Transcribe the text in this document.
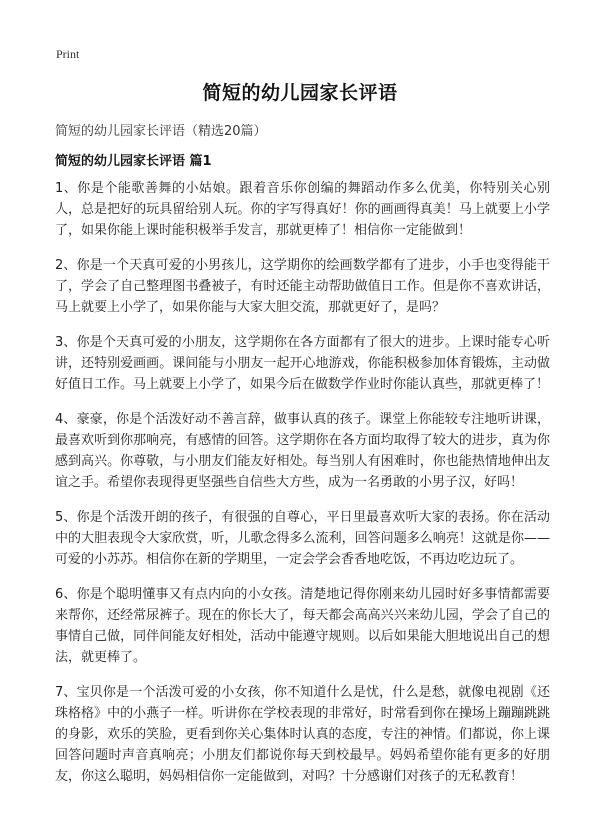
Print
简短的幼儿园家长评语
简短的幼儿园家长评语（精选20篇）
简短的幼儿园家长评语 篇1

1、你是个能歌善舞的小姑娘。跟着音乐你创编的舞蹈动作多么优美，你特别关心别人，总是把好的玩具留给别人玩。你的字写得真好！你的画画得真美！马上就要上小学了，如果你能上课时能积极举手发言，那就更棒了！相信你一定能做到！

2、你是一个天真可爱的小男孩儿，这学期你的绘画数学都有了进步，小手也变得能干了，学会了自己整理图书叠被子，有时还能主动帮助做值日工作。但是你不喜欢讲话，马上就要上小学了，如果你能与大家大胆交流，那就更好了，是吗？

3、你是个天真可爱的小朋友，这学期你在各方面都有了很大的进步。上课时能专心听讲，还特别爱画画。课间能与小朋友一起开心地游戏，你能积极参加体育锻炼，主动做好值日工作。马上就要上小学了，如果今后在做数学作业时你能认真些，那就更棒了！

4、豪豪，你是个活泼好动不善言辞，做事认真的孩子。课堂上你能较专注地听讲课，最喜欢听到你那响亮，有感情的回答。这学期你在各方面均取得了较大的进步，真为你感到高兴。你尊敬，与小朋友们能友好相处。每当别人有困难时，你也能热情地伸出友谊之手。希望你表现得更坚强些自信些大方些，成为一名勇敢的小男子汉，好吗！

5、你是个活泼开朗的孩子，有很强的自尊心，平日里最喜欢听大家的表扬。你在活动中的大胆表现令大家欣赏，听，儿歌念得多么流利，回答问题多么响亮！这就是你——可爱的小苏苏。相信你在新的学期里，一定会学会香香地吃饭，不再边吃边玩了。

6、你是个聪明懂事又有点内向的小女孩。清楚地记得你刚来幼儿园时好多事情都需要来帮你，还经常尿裤子。现在的你长大了，每天都会高高兴兴来幼儿园，学会了自己的事情自己做，同伴间能友好相处，活动中能遵守规则。以后如果能大胆地说出自己的想法，就更棒了。

7、宝贝你是一个活泼可爱的小女孩，你不知道什么是忧，什么是愁，就像电视剧《还珠格格》中的小燕子一样。听讲你在学校表现的非常好，时常看到你在操场上蹦蹦跳跳的身影，欢乐的笑脸，更看到你关心集体时认真的态度，专注的神情。们都说，你上课回答问题时声音真响亮；小朋友们都说你每天到校最早。妈妈希望你能有更多的好朋友，你这么聪明，妈妈相信你一定能做到，对吗？十分感谢们对孩子的无私教育！
